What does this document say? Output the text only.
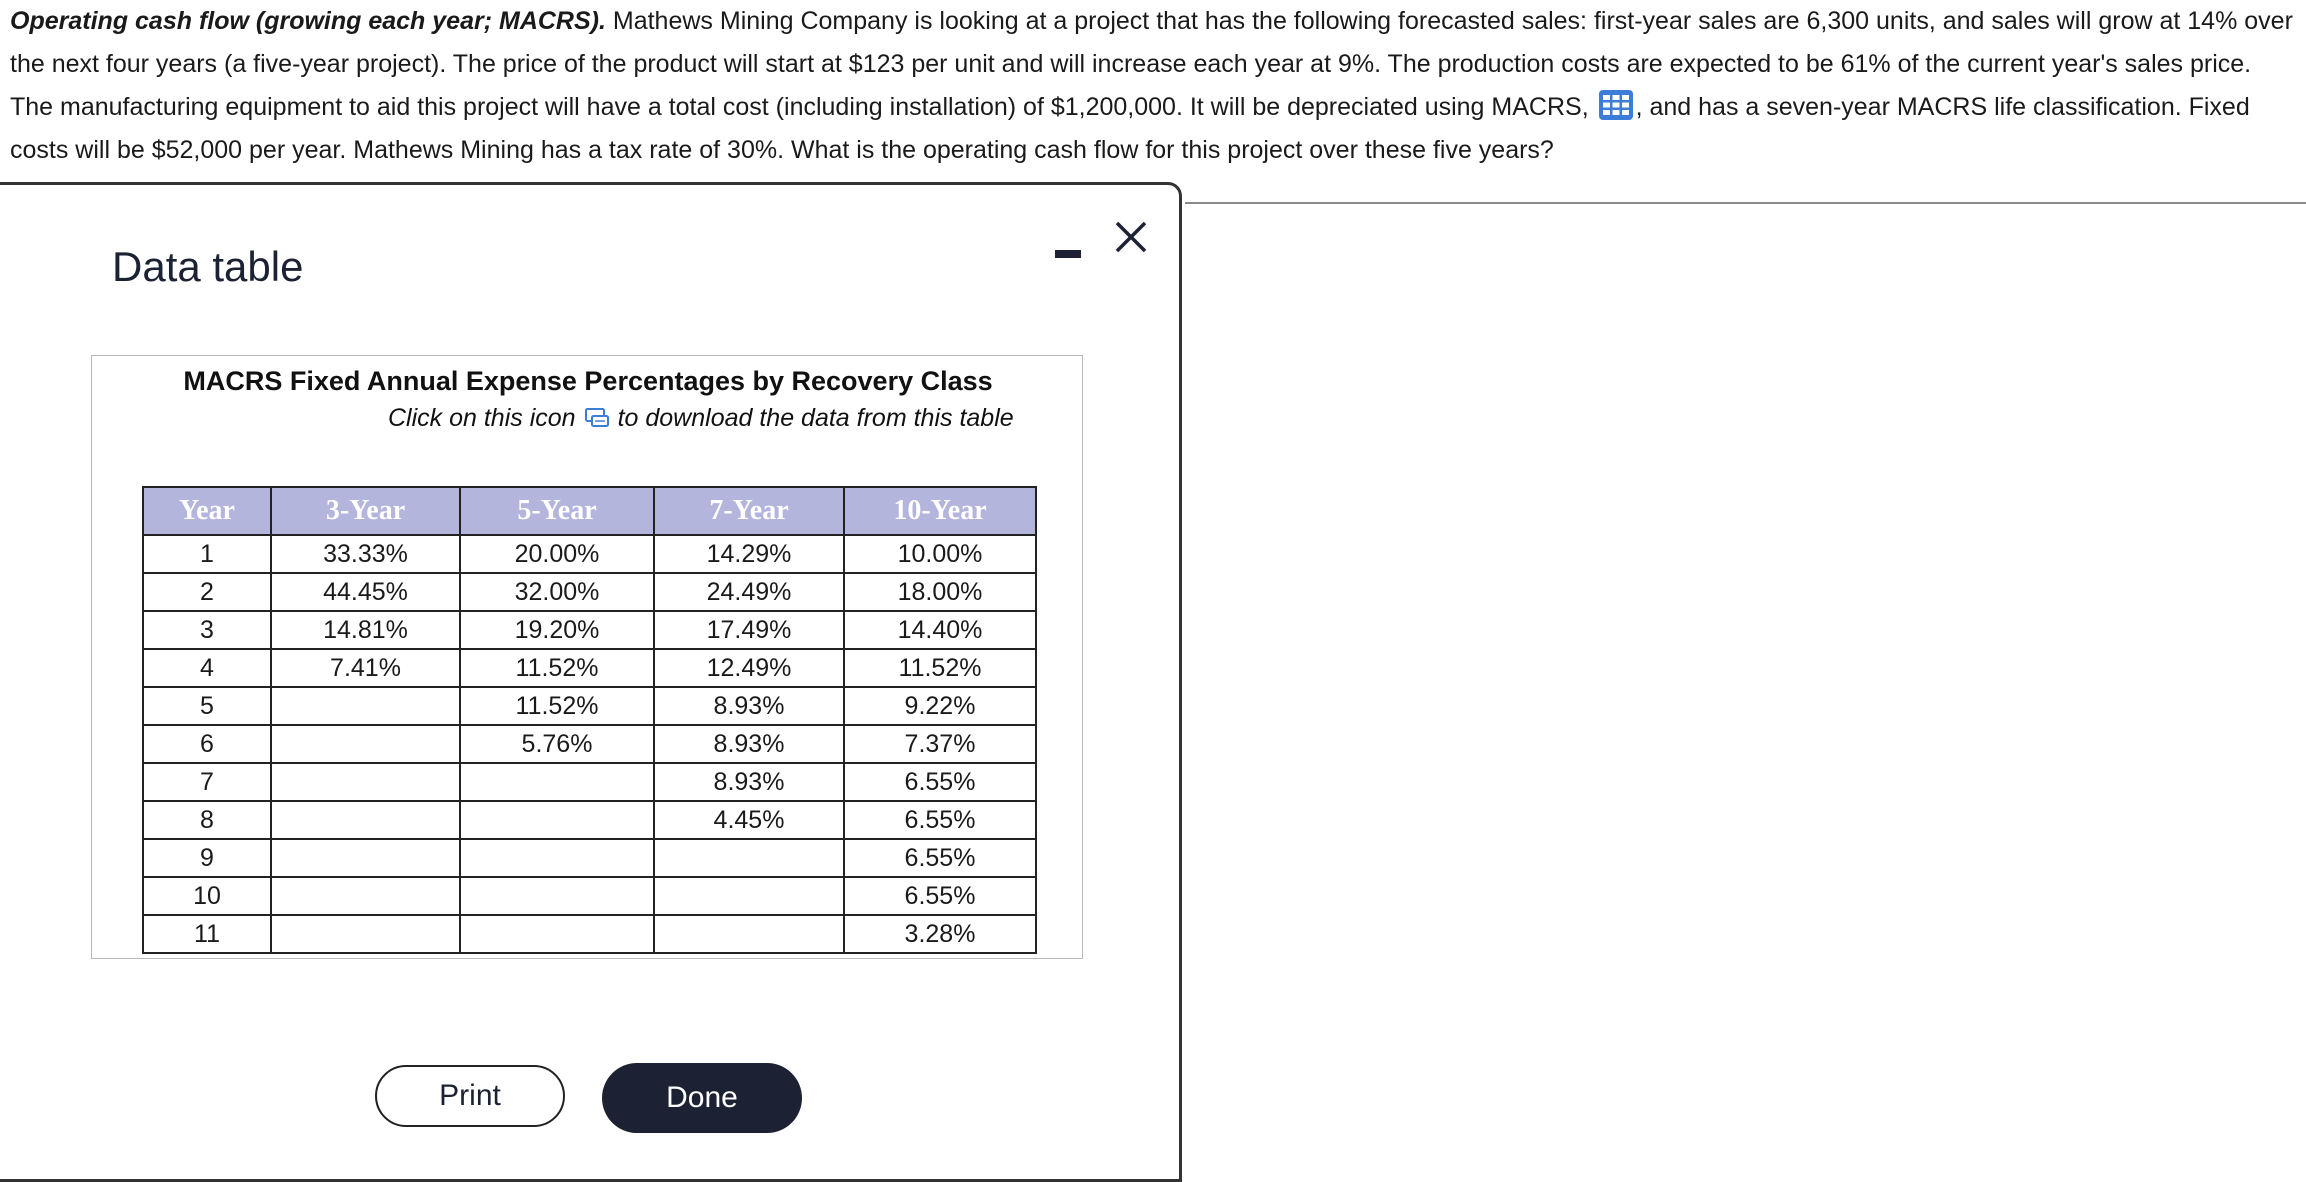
Operating cash flow (growing each year; MACRS). Mathews Mining Company is looking at a project that has the following forecasted sales: first-year sales are 6,300 units, and sales will grow at 14% over the next four years (a five-year project). The price of the product will start at $123 per unit and will increase each year at 9%. The production costs are expected to be 61% of the current year's sales price. The manufacturing equipment to aid this project will have a total cost (including installation) of $1,200,000. It will be depreciated using MACRS, , and has a seven-year MACRS life classification. Fixed costs will be $52,000 per year. Mathews Mining has a tax rate of 30%. What is the operating cash flow for this project over these five years?
Data table
MACRS Fixed Annual Expense Percentages by Recovery Class
Click on this icon to download the data from this table
Year	3-Year	5-Year	7-Year	10-Year
1	33.33%	20.00%	14.29%	10.00%
2	44.45%	32.00%	24.49%	18.00%
3	14.81%	19.20%	17.49%	14.40%
4	7.41%	11.52%	12.49%	11.52%
5		11.52%	8.93%	9.22%
6		5.76%	8.93%	7.37%
7			8.93%	6.55%
8			4.45%	6.55%
9				6.55%
10				6.55%
11				3.28%
Print	Done
